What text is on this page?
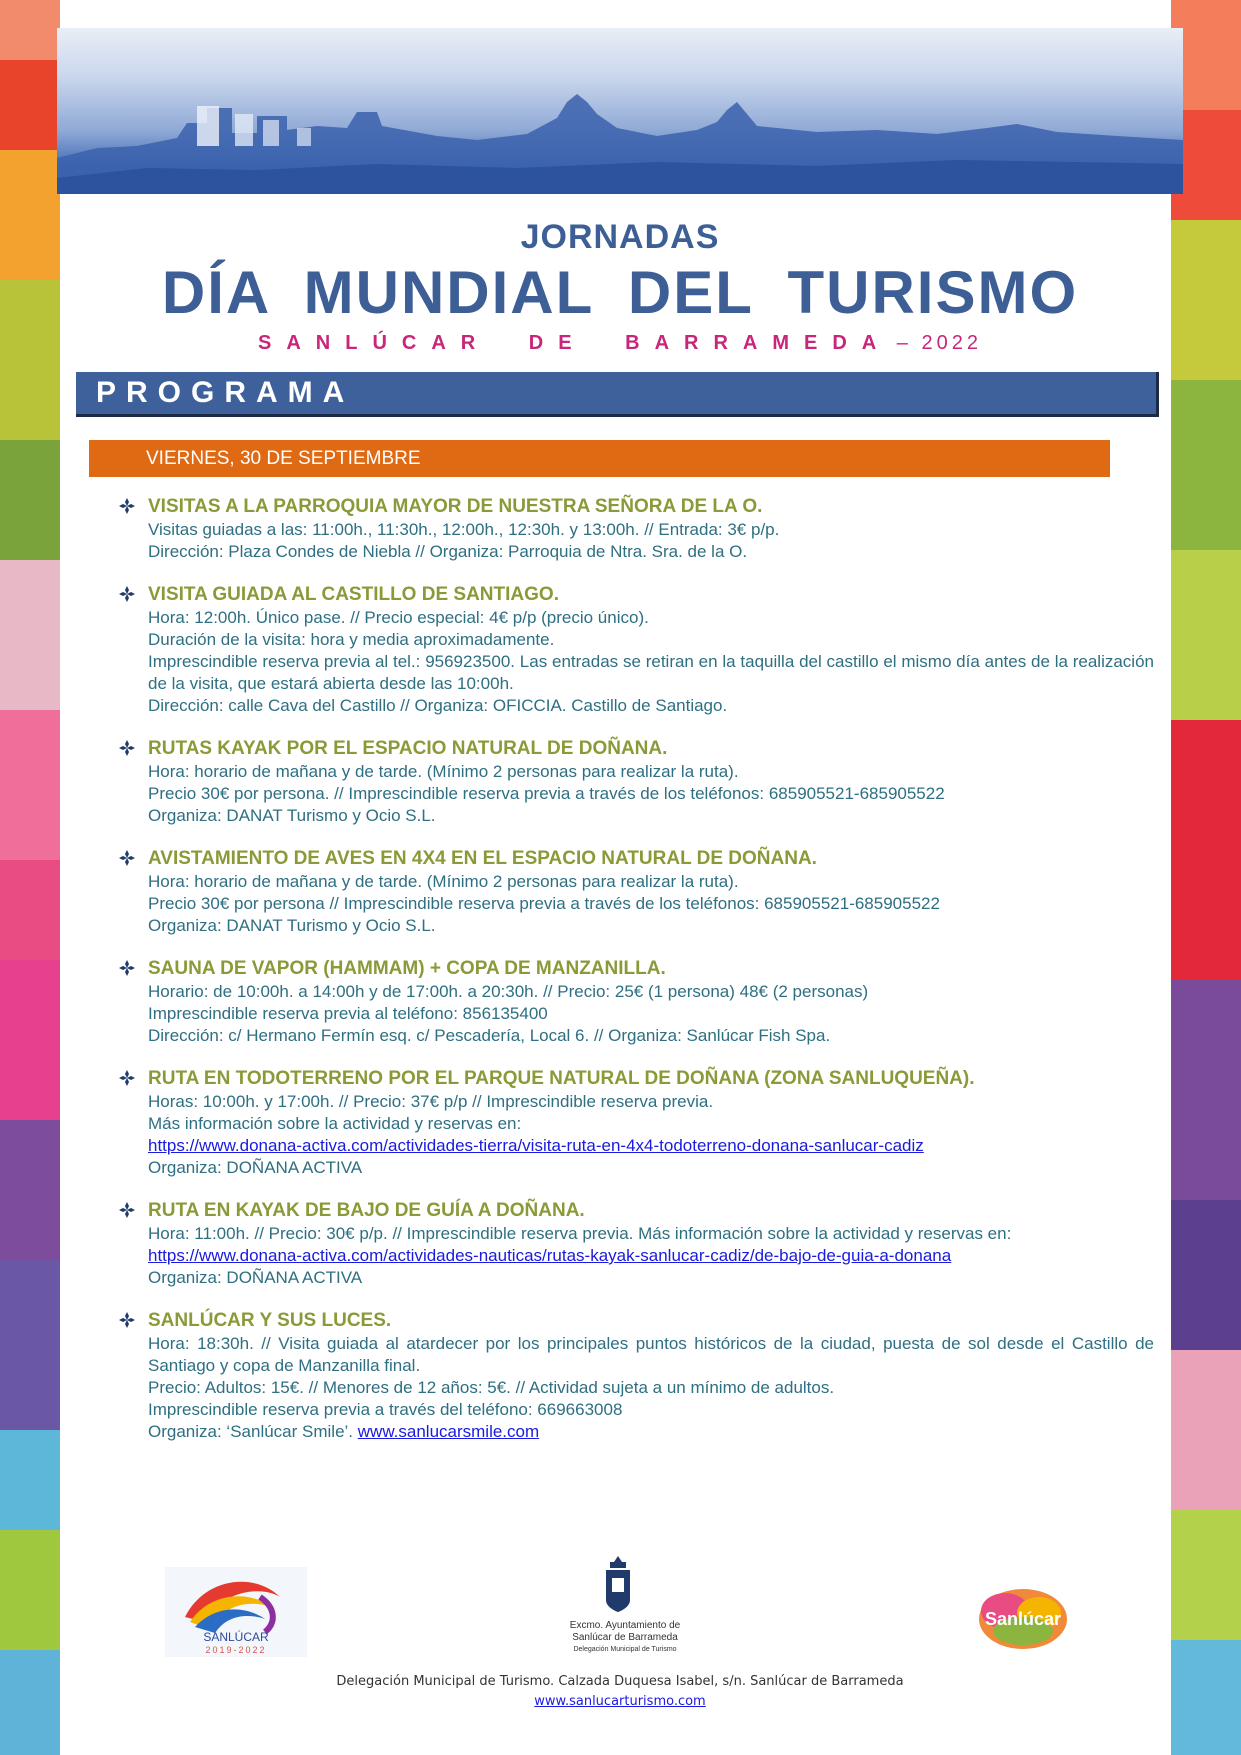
JORNADAS
DÍA MUNDIAL DEL TURISMO
SANLÚCAR DE BARRAMEDA – 2022
PROGRAMA
VIERNES, 30 DE SEPTIEMBRE
VISITAS A LA PARROQUIA MAYOR DE NUESTRA SEÑORA DE LA O.
Visitas guiadas a las: 11:00h., 11:30h., 12:00h., 12:30h. y 13:00h. // Entrada: 3€ p/p.
Dirección: Plaza Condes de Niebla // Organiza: Parroquia de Ntra. Sra. de la O.
VISITA GUIADA AL CASTILLO DE SANTIAGO.
Hora: 12:00h. Único pase. // Precio especial: 4€ p/p (precio único).
Duración de la visita: hora y media aproximadamente.
Imprescindible reserva previa al tel.: 956923500. Las entradas se retiran en la taquilla del castillo el mismo día antes de la realización de la visita, que estará abierta desde las 10:00h.
Dirección: calle Cava del Castillo // Organiza: OFICCIA. Castillo de Santiago.
RUTAS KAYAK POR EL ESPACIO NATURAL DE DOÑANA.
Hora: horario de mañana y de tarde. (Mínimo 2 personas para realizar la ruta).
Precio 30€ por persona. // Imprescindible reserva previa a través de los teléfonos: 685905521-685905522
Organiza: DANAT Turismo y Ocio S.L.
AVISTAMIENTO DE AVES EN 4X4 EN EL ESPACIO NATURAL DE DOÑANA.
Hora: horario de mañana y de tarde. (Mínimo 2 personas para realizar la ruta).
Precio 30€ por persona // Imprescindible reserva previa a través de los teléfonos: 685905521-685905522
Organiza: DANAT Turismo y Ocio S.L.
SAUNA DE VAPOR (HAMMAM) + COPA DE MANZANILLA.
Horario: de 10:00h. a 14:00h y de 17:00h. a 20:30h. // Precio: 25€ (1 persona) 48€ (2 personas)
Imprescindible reserva previa al teléfono: 856135400
Dirección: c/ Hermano Fermín esq. c/ Pescadería, Local 6. // Organiza: Sanlúcar Fish Spa.
RUTA EN TODOTERRENO POR EL PARQUE NATURAL DE DOÑANA (ZONA SANLUQUEÑA).
Horas: 10:00h. y 17:00h. // Precio: 37€ p/p // Imprescindible reserva previa.
Más información sobre la actividad y reservas en:
https://www.donana-activa.com/actividades-tierra/visita-ruta-en-4x4-todoterreno-donana-sanlucar-cadiz
Organiza: DOÑANA ACTIVA
RUTA EN KAYAK DE BAJO DE GUÍA A DOÑANA.
Hora: 11:00h. // Precio: 30€ p/p. // Imprescindible reserva previa. Más información sobre la actividad y reservas en:
https://www.donana-activa.com/actividades-nauticas/rutas-kayak-sanlucar-cadiz/de-bajo-de-guia-a-donana
Organiza: DOÑANA ACTIVA
SANLÚCAR Y SUS LUCES.
Hora: 18:30h. // Visita guiada al atardecer por los principales puntos históricos de la ciudad, puesta de sol desde el Castillo de Santiago y copa de Manzanilla final.
Precio: Adultos: 15€. // Menores de 12 años: 5€. // Actividad sujeta a un mínimo de adultos.
Imprescindible reserva previa a través del teléfono: 669663008
Organiza: ‘Sanlúcar Smile’. www.sanlucarsmile.com
SANLÚCAR
2019-2022
Excmo. Ayuntamiento de
Sanlúcar de Barrameda
Delegación Municipal de Turismo
Sanlúcar
Delegación Municipal de Turismo. Calzada Duquesa Isabel, s/n. Sanlúcar de Barrameda
www.sanlucarturismo.com
